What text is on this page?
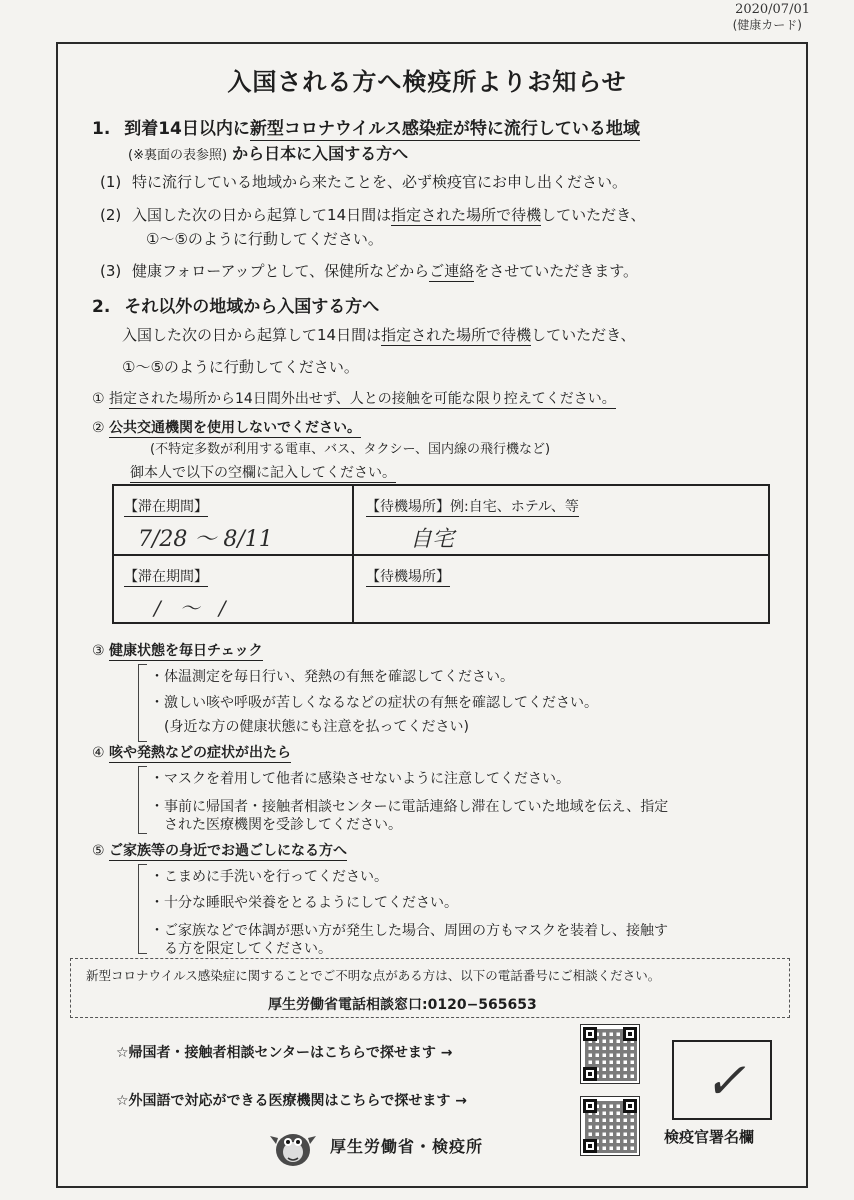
2020/07/01
(健康カード)
入国される方へ検疫所よりお知らせ
1. 到着14日以内に新型コロナウイルス感染症が特に流行している地域
(※裏面の表参照) から日本に入国する方へ
(1) 特に流行している地域から来たことを、必ず検疫官にお申し出ください。
(2) 入国した次の日から起算して14日間は指定された場所で待機していただき、
①〜⑤のように行動してください。
(3) 健康フォローアップとして、保健所などからご連絡をさせていただきます。
2. それ以外の地域から入国する方へ
入国した次の日から起算して14日間は指定された場所で待機していただき、
①〜⑤のように行動してください。
① 指定された場所から14日間外出せず、人との接触を可能な限り控えてください。
② 公共交通機関を使用しないでください。
(不特定多数が利用する電車、バス、タクシー、国内線の飛行機など)
御本人で以下の空欄に記入してください。
【滞在期間】
7/28 〜 8/11
【待機場所】例:自宅、ホテル、等
自宅
【滞在期間】
/   〜   /
【待機場所】
③ 健康状態を毎日チェック
・体温測定を毎日行い、発熱の有無を確認してください。
・激しい咳や呼吸が苦しくなるなどの症状の有無を確認してください。
(身近な方の健康状態にも注意を払ってください)
④ 咳や発熱などの症状が出たら
・マスクを着用して他者に感染させないように注意してください。
・事前に帰国者・接触者相談センターに電話連絡し滞在していた地域を伝え、指定
された医療機関を受診してください。
⑤ ご家族等の身近でお過ごしになる方へ
・こまめに手洗いを行ってください。
・十分な睡眠や栄養をとるようにしてください。
・ご家族などで体調が悪い方が発生した場合、周囲の方もマスクを装着し、接触す
る方を限定してください。
新型コロナウイルス感染症に関することでご不明な点がある方は、以下の電話番号にご相談ください。
厚生労働省電話相談窓口:0120−565653
☆帰国者・接触者相談センターはこちらで探せます →
☆外国語で対応ができる医療機関はこちらで探せます →	✓
検疫官署名欄
厚生労働省・検疫所
